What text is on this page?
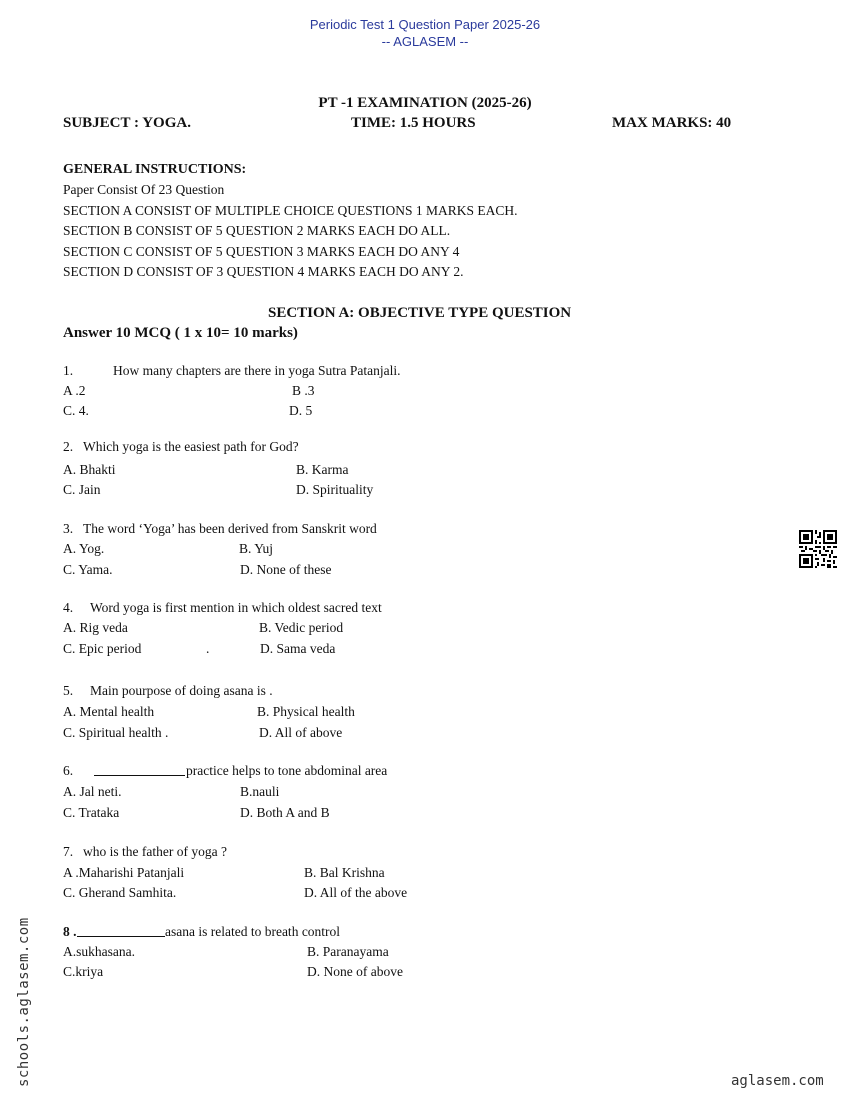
Periodic Test 1 Question Paper 2025-26
-- AGLASEM --
PT -1 EXAMINATION (2025-26)
SUBJECT : YOGA.	TIME: 1.5 HOURS	MAX MARKS: 40
GENERAL INSTRUCTIONS:
Paper Consist Of 23 Question
SECTION A CONSIST OF MULTIPLE CHOICE QUESTIONS 1 MARKS EACH.
SECTION B CONSIST OF 5 QUESTION 2 MARKS EACH DO ALL.
SECTION C CONSIST OF 5 QUESTION 3 MARKS EACH DO ANY 4
SECTION D CONSIST OF 3 QUESTION 4 MARKS EACH DO ANY 2.
SECTION A: OBJECTIVE TYPE QUESTION
Answer 10 MCQ ( 1 x 10= 10 marks)
1.	How many chapters are there in yoga Sutra Patanjali.
A .2	B .3
C. 4.	D. 5
2. Which yoga is the easiest path for God?
A. Bhakti	B. Karma
C. Jain	D. Spirituality
3. The word ‘Yoga’ has been derived from Sanskrit word
A. Yog.	B. Yuj
C. Yama.	D. None of these
4. Word yoga is first mention in which oldest sacred text
A. Rig veda	B. Vedic period
C. Epic period	.	D. Sama veda
5. Main pourpose of doing asana is .
A. Mental health	B. Physical health
C. Spiritual health .	D. All of above
6.	practice helps to tone abdominal area
A. Jal neti.	B.nauli
C. Trataka	D. Both A and B
7. who is the father of yoga ?
A .Maharishi Patanjali	B. Bal Krishna
C. Gherand Samhita.	D. All of the above
8 .	asana is related to breath control
A.sukhasana.	B. Paranayama
C.kriya	D. None of above
schools.aglasem.com	aglasem.com
